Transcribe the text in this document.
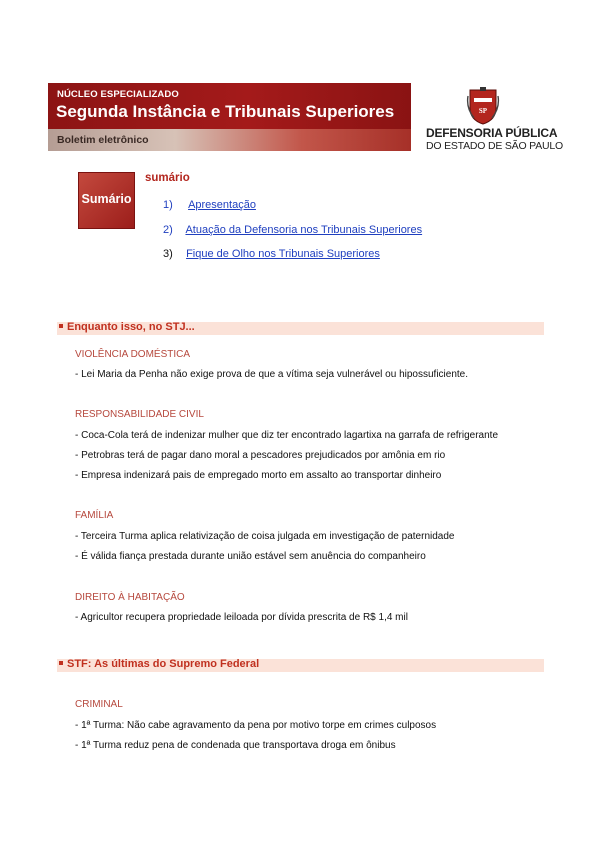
NÚCLEO ESPECIALIZADO
Segunda Instância e Tribunais Superiores
Boletim eletrônico
SP
DEFENSORIA PÚBLICA
DO ESTADO DE SÃO PAULO
Sumário
sumário
1) Apresentação
2) Atuação da Defensoria nos Tribunais Superiores
3) Fique de Olho nos Tribunais Superiores
Enquanto isso, no STJ...
VIOLÊNCIA DOMÉSTICA
- Lei Maria da Penha não exige prova de que a vítima seja vulnerável ou hipossuficiente.
RESPONSABILIDADE CIVIL
- Coca-Cola terá de indenizar mulher que diz ter encontrado lagartixa na garrafa de refrigerante
- Petrobras terá de pagar dano moral a pescadores prejudicados por amônia em rio
- Empresa indenizará pais de empregado morto em assalto ao transportar dinheiro
FAMÍLIA
- Terceira Turma aplica relativização de coisa julgada em investigação de paternidade
- É válida fiança prestada durante união estável sem anuência do companheiro
DIREITO À HABITAÇÃO
- Agricultor recupera propriedade leiloada por dívida prescrita de R$ 1,4 mil
STF: As últimas do Supremo Federal
CRIMINAL
- 1ª Turma: Não cabe agravamento da pena por motivo torpe em crimes culposos
- 1ª Turma reduz pena de condenada que transportava droga em ônibus
